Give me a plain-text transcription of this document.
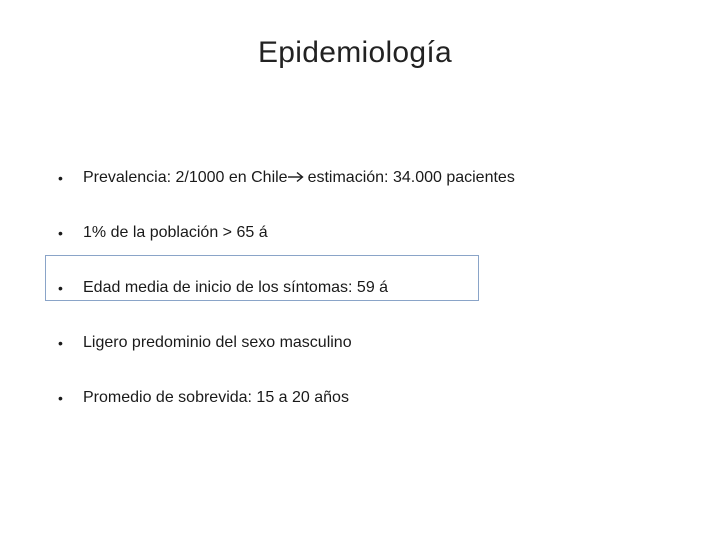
Epidemiología
• Prevalencia: 2/1000 en Chile estimación: 34.000 pacientes
• 1% de la población > 65 á
• Edad media de inicio de los síntomas: 59 á
• Ligero predominio del sexo masculino
• Promedio de sobrevida: 15 a 20 años
